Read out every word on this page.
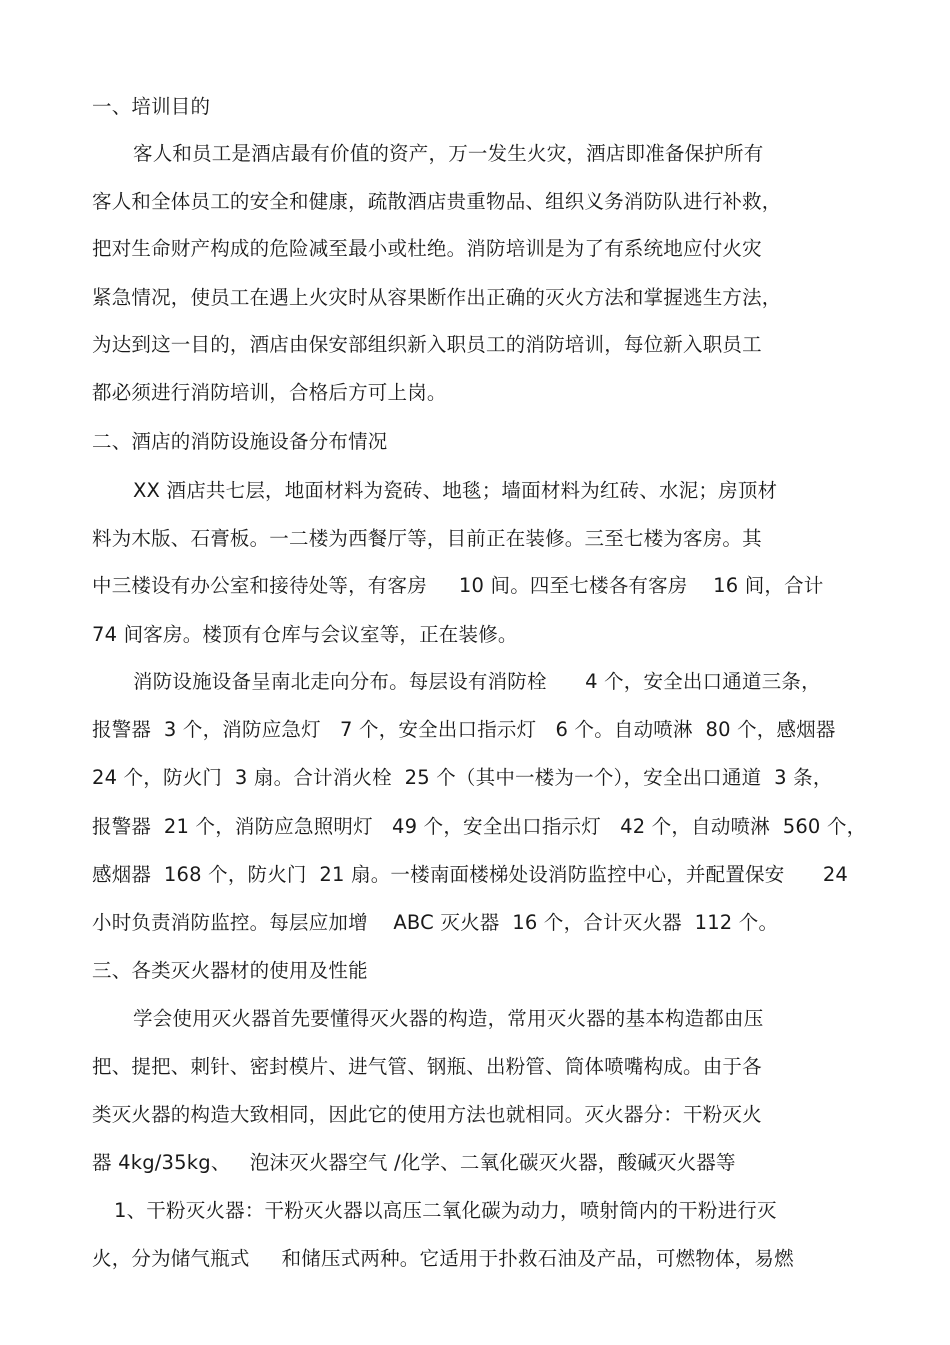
一、培训目的
客人和员工是酒店最有价值的资产，万一发生火灾，酒店即准备保护所有
客人和全体员工的安全和健康，疏散酒店贵重物品、组织义务消防队进行补救，
把对生命财产构成的危险减至最小或杜绝。消防培训是为了有系统地应付火灾
紧急情况，使员工在遇上火灾时从容果断作出正确的灭火方法和掌握逃生方法，
为达到这一目的，酒店由保安部组织新入职员工的消防培训，每位新入职员工
都必须进行消防培训，合格后方可上岗。
二、酒店的消防设施设备分布情况
XX 酒店共七层，地面材料为瓷砖、地毯；墙面材料为红砖、水泥；房顶材
料为木版、石膏板。一二楼为西餐厅等，目前正在装修。三至七楼为客房。其
中三楼设有办公室和接待处等，有客房     10 间。四至七楼各有客房    16 间，合计
74 间客房。楼顶有仓库与会议室等，正在装修。
消防设施设备呈南北走向分布。每层设有消防栓      4 个，安全出口通道三条，
报警器  3 个，消防应急灯   7 个，安全出口指示灯   6 个。自动喷淋  80 个，感烟器
24 个，防火门  3 扇。合计消火栓  25 个（其中一楼为一个），安全出口通道  3 条，
报警器  21 个，消防应急照明灯   49 个，安全出口指示灯   42 个，自动喷淋  560 个，
感烟器  168 个，防火门  21 扇。一楼南面楼梯处设消防监控中心，并配置保安      24
小时负责消防监控。每层应加增    ABC 灭火器  16 个，合计灭火器  112 个。
三、各类灭火器材的使用及性能
学会使用灭火器首先要懂得灭火器的构造，常用灭火器的基本构造都由压
把、提把、刺针、密封模片、进气管、钢瓶、出粉管、筒体喷嘴构成。由于各
类灭火器的构造大致相同，因此它的使用方法也就相同。灭火器分：干粉灭火
器 4kg/35kg、   泡沫灭火器空气 /化学、二氧化碳灭火器，酸碱灭火器等
1、干粉灭火器：干粉灭火器以高压二氧化碳为动力，喷射筒内的干粉进行灭
火，分为储气瓶式     和储压式两种。它适用于扑救石油及产品，可燃物体，易燃
